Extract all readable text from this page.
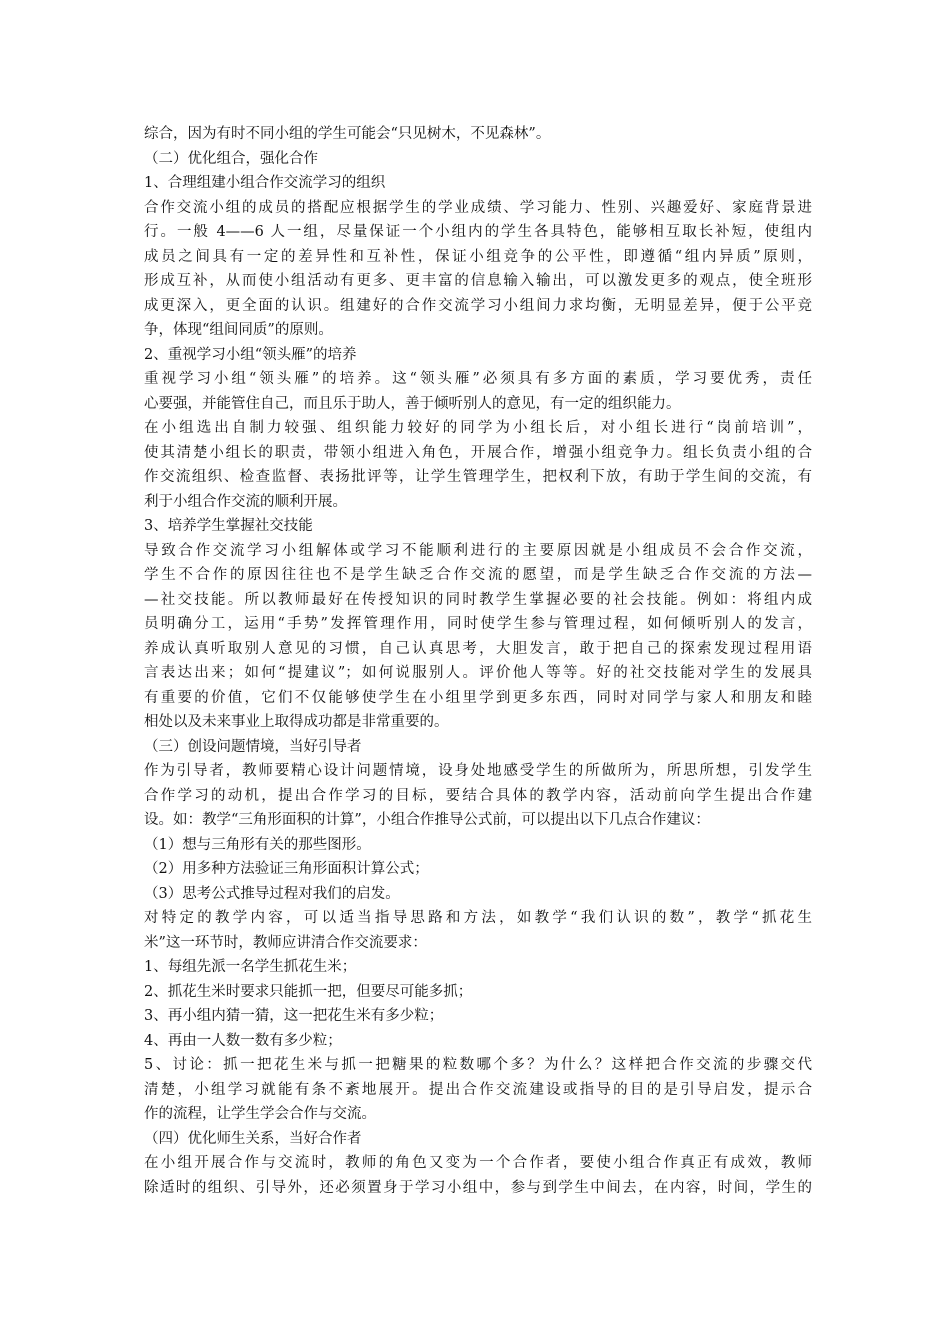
综合，因为有时不同小组的学生可能会“只见树木，不见森林”。
（二）优化组合，强化合作
1、合理组建小组合作交流学习的组织
合作交流小组的成员的搭配应根据学生的学业成绩、学习能力、性别、兴趣爱好、家庭背景进
行。一般 4——6 人一组，尽量保证一个小组内的学生各具特色，能够相互取长补短，使组内
成员之间具有一定的差异性和互补性，保证小组竞争的公平性，即遵循“组内异质”原则，
形成互补，从而使小组活动有更多、更丰富的信息输入输出，可以激发更多的观点，使全班形
成更深入，更全面的认识。组建好的合作交流学习小组间力求均衡，无明显差异，便于公平竞
争，体现“组间同质”的原则。
2、重视学习小组“领头雁”的培养
重视学习小组“领头雁”的培养。这“领头雁”必须具有多方面的素质，学习要优秀，责任
心要强，并能管住自己，而且乐于助人，善于倾听别人的意见，有一定的组织能力。
在小组选出自制力较强、组织能力较好的同学为小组长后，对小组长进行“岗前培训”，
使其清楚小组长的职责，带领小组进入角色，开展合作，增强小组竞争力。组长负责小组的合
作交流组织、检查监督、表扬批评等，让学生管理学生，把权利下放，有助于学生间的交流，有
利于小组合作交流的顺利开展。
3、培养学生掌握社交技能
导致合作交流学习小组解体或学习不能顺利进行的主要原因就是小组成员不会合作交流，
学生不合作的原因往往也不是学生缺乏合作交流的愿望，而是学生缺乏合作交流的方法—
—社交技能。所以教师最好在传授知识的同时教学生掌握必要的社会技能。例如：将组内成
员明确分工，运用“手势”发挥管理作用，同时使学生参与管理过程，如何倾听别人的发言，
养成认真听取别人意见的习惯，自己认真思考，大胆发言，敢于把自己的探索发现过程用语
言表达出来；如何“提建议”；如何说服别人。评价他人等等。好的社交技能对学生的发展具
有重要的价值，它们不仅能够使学生在小组里学到更多东西，同时对同学与家人和朋友和睦
相处以及未来事业上取得成功都是非常重要的。
（三）创设问题情境，当好引导者
作为引导者，教师要精心设计问题情境，设身处地感受学生的所做所为，所思所想，引发学生
合作学习的动机，提出合作学习的目标，要结合具体的教学内容，活动前向学生提出合作建
设。如：教学“三角形面积的计算”，小组合作推导公式前，可以提出以下几点合作建议：
（1）想与三角形有关的那些图形。
（2）用多种方法验证三角形面积计算公式；
（3）思考公式推导过程对我们的启发。
对特定的教学内容，可以适当指导思路和方法，如教学“我们认识的数”，教学“抓花生
米”这一环节时，教师应讲清合作交流要求：
1、每组先派一名学生抓花生米；
2、抓花生米时要求只能抓一把，但要尽可能多抓；
3、再小组内猜一猜，这一把花生米有多少粒；
4、再由一人数一数有多少粒；
5、讨论：抓一把花生米与抓一把糖果的粒数哪个多？为什么？这样把合作交流的步骤交代
清楚，小组学习就能有条不紊地展开。提出合作交流建设或指导的目的是引导启发，提示合
作的流程，让学生学会合作与交流。
（四）优化师生关系，当好合作者
在小组开展合作与交流时，教师的角色又变为一个合作者，要使小组合作真正有成效，教师
除适时的组织、引导外，还必须置身于学习小组中，参与到学生中间去，在内容，时间，学生的
